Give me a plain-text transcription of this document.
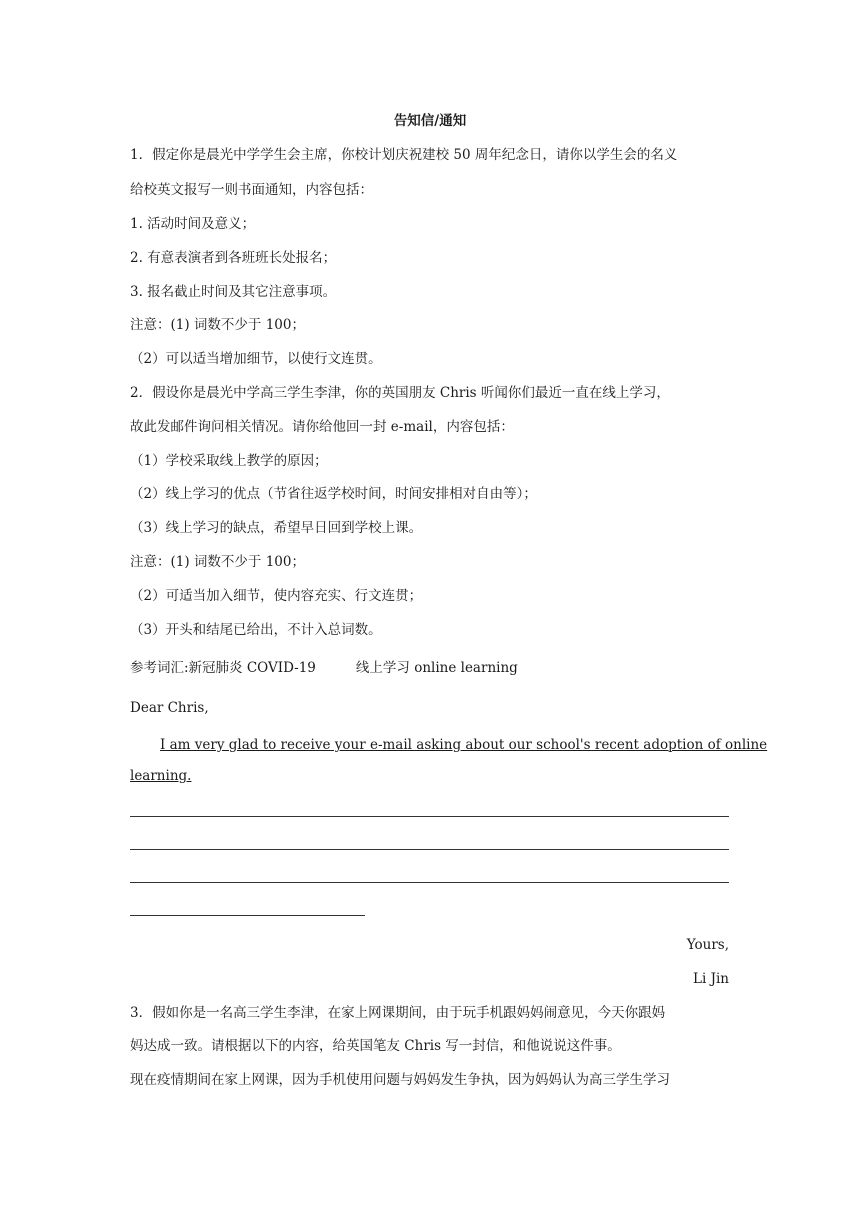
告知信/通知
1．假定你是晨光中学学生会主席，你校计划庆祝建校 50 周年纪念日，请你以学生会的名义
给校英文报写一则书面通知，内容包括：
1. 活动时间及意义；
2. 有意表演者到各班班长处报名；
3. 报名截止时间及其它注意事项。
注意：(1) 词数不少于 100；
（2）可以适当增加细节，以使行文连贯。
2．假设你是晨光中学高三学生李津，你的英国朋友 Chris 听闻你们最近一直在线上学习，
故此发邮件询问相关情况。请你给他回一封 e-mail，内容包括：
（1）学校采取线上教学的原因；
（2）线上学习的优点（节省往返学校时间，时间安排相对自由等）；
（3）线上学习的缺点，希望早日回到学校上课。
注意：(1) 词数不少于 100；
（2）可适当加入细节，使内容充实、行文连贯；
（3）开头和结尾已给出，不计入总词数。
参考词汇:新冠肺炎 COVID-19	线上学习 online learning
Dear Chris,
I am very glad to receive your e-mail asking about our school's recent adoption of online
learning.
Yours,
Li Jin
3．假如你是一名高三学生李津，在家上网课期间，由于玩手机跟妈妈闹意见，今天你跟妈
妈达成一致。请根据以下的内容，给英国笔友 Chris 写一封信，和他说说这件事。
现在疫情期间在家上网课，因为手机使用问题与妈妈发生争执，因为妈妈认为高三学生学习
